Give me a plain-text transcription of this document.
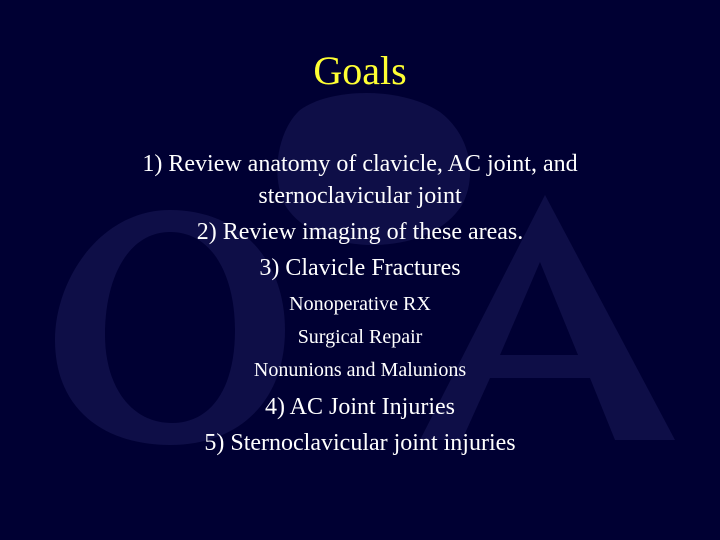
Goals

1) Review anatomy of clavicle, AC joint, and

sternoclavicular joint

2) Review imaging of these areas.

3) Clavicle Fractures

Nonoperative RX

Surgical Repair

Nonunions and Malunions

4) AC Joint Injuries

5) Sternoclavicular joint injuries
